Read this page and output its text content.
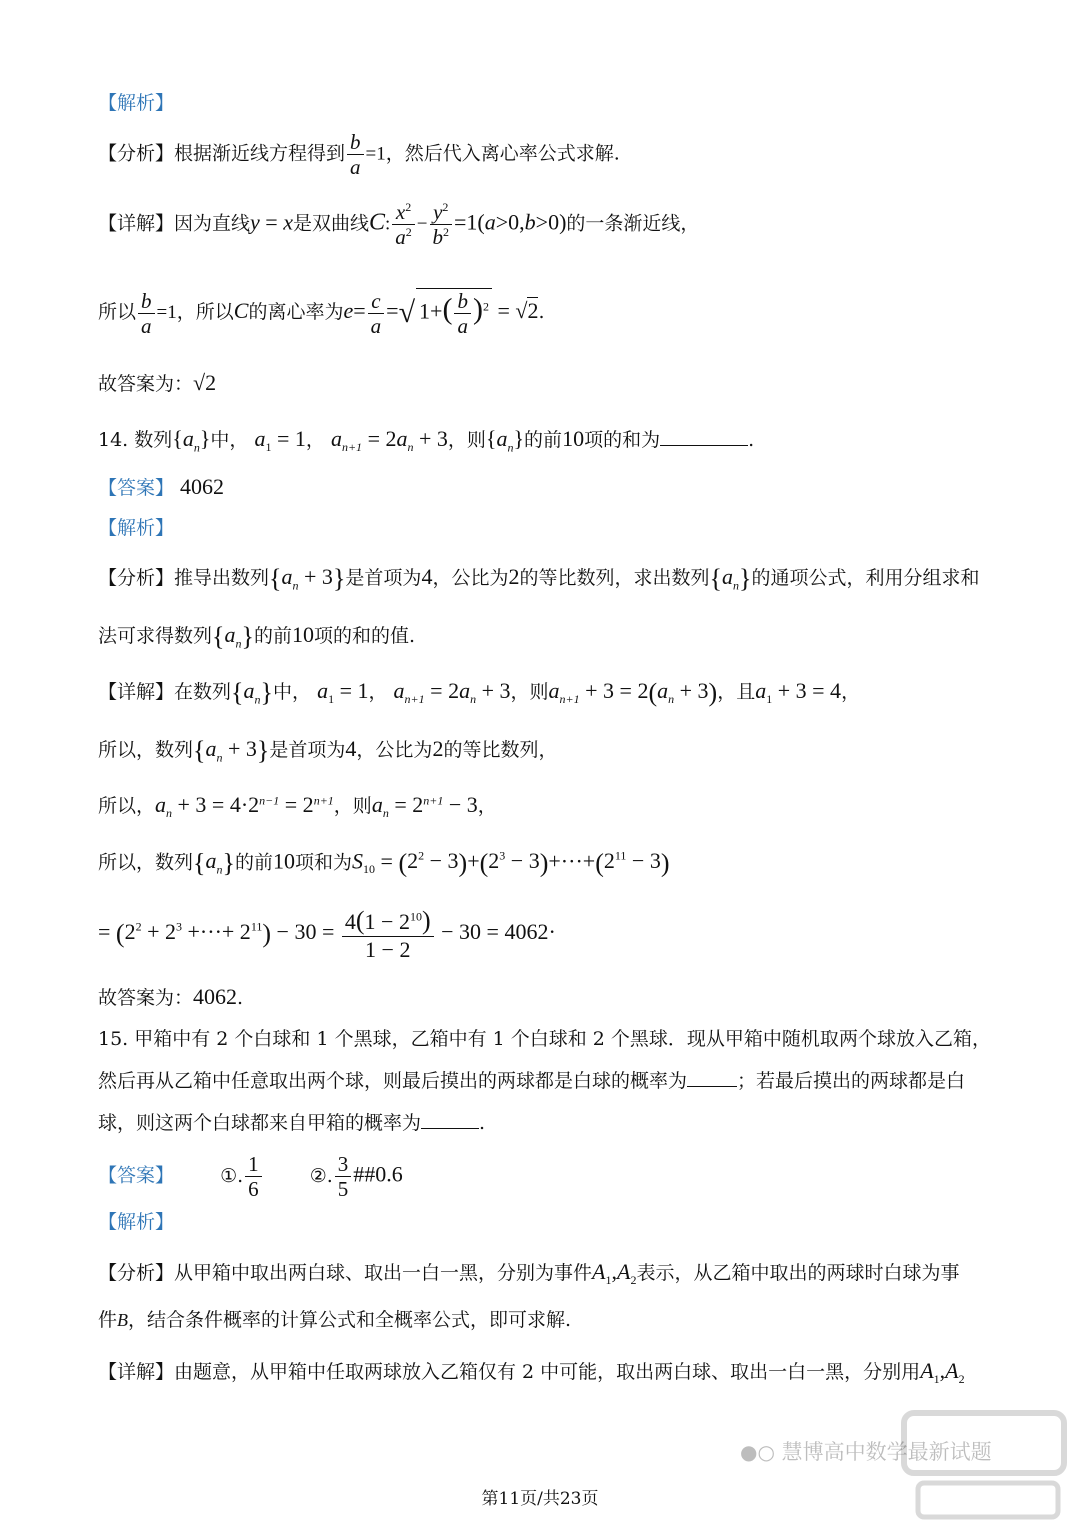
【解析】
【分析】根据渐近线方程得到 $\frac{b}{a} =1$，然后代入离心率公式求解.
【详解】因为直线y = x是双曲线C: $\frac{x^2}{a^2} - \frac{y^2}{b^2} =1(a>0,b>0)$的一条渐近线，
所以 $\frac{b}{a} =1$，所以C的离心率为$e= \frac{c}{a}$ =√ $1+( \frac{b}{a} )^2 = √2$.
故答案为：√2
14. 数列$\{a_n\}$中， $a_1 = 1$， $a_{n+1} = 2a_n + 3$，则$\{a_n\}$的前10项的和为	.
【答案】 4062
【解析】
【分析】推导出数列$\{a_n + 3\}$是首项为4，公比为2的等比数列，求出数列$\{a_n\}$的通项公式，利用分组求和
法可求得数列$\{a_n\}$的前10项的和的值.
【详解】在数列$\{a_n\}$中， $a_1 = 1$， $a_{n+1} = 2a_n + 3$，则$a_{n+1} + 3 = 2(a_n + 3)$，且$a_1 + 3 = 4$，
所以，数列$\{a_n + 3\}$是首项为4，公比为2的等比数列，
所以，$a_n + 3 = 4\cdot 2^{n-1} = 2^{n+1}$，则$a_n = 2^{n+1} - 3$，
所以，数列$\{a_n\}$的前10项和为$S_{10} = (2^2 - 3)+(2^3 - 3)+\cdot\cdot\cdot+(2^{11} - 3)$
= ($2^2 + 2^3$ +···+ $2^{11}) - 30 = \frac{4(1 - 2^{10})}{1 - 2} - 30 = 4062\cdot$
故答案为：4062.
15. 甲箱中有 2 个白球和 1 个黑球，乙箱中有 1 个白球和 2 个黑球．现从甲箱中随机取两个球放入乙箱，
然后再从乙箱中任意取出两个球，则最后摸出的两球都是白球的概率为	；若最后摸出的两球都是白
球，则这两个白球都来自甲箱的概率为	.
【答案】 ①. $\frac{1}{6}$	②. $\frac{3}{5}$ ##0.6
【解析】
【分析】从甲箱中取出两白球、取出一白一黑，分别为事件$A_1,A_2$表示，从乙箱中取出的两球时白球为事
件B，结合条件概率的计算公式和全概率公式，即可求解.
【详解】由题意，从甲箱中任取两球放入乙箱仅有 2 中可能，取出两白球、取出一白一黑，分别用$A_1,A_2$
●○ 慧博高中数学最新试题
第11页/共23页
